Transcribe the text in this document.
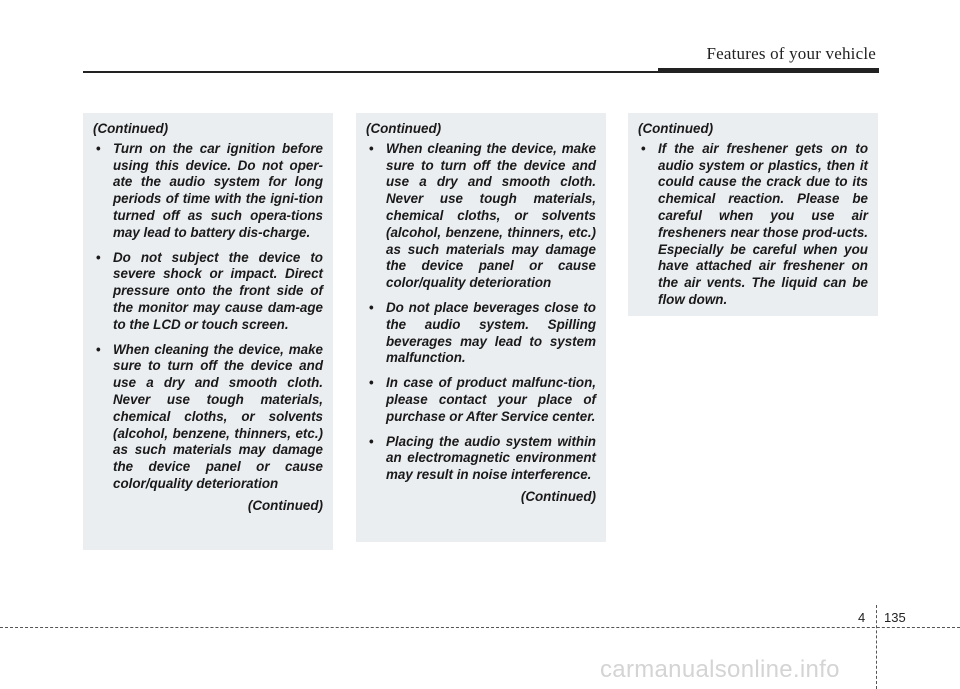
Features of your vehicle
(Continued)
• Turn on the car ignition before using this device. Do not oper-ate the audio system for long periods of time with the igni-tion turned off as such opera-tions may lead to battery dis-charge.
• Do not subject the device to severe shock or impact. Direct pressure onto the front side of the monitor may cause dam-age to the LCD or touch screen.
• When cleaning the device, make sure to turn off the device and use a dry and smooth cloth. Never use tough materials, chemical cloths, or solvents (alcohol, benzene, thinners, etc.) as such materials may damage the device panel or cause color/quality deterioration
(Continued)
(Continued)
• When cleaning the device, make sure to turn off the device and use a dry and smooth cloth. Never use tough materials, chemical cloths, or solvents (alcohol, benzene, thinners, etc.) as such materials may damage the device panel or cause color/quality deterioration
• Do not place beverages close to the audio system. Spilling beverages may lead to system malfunction.
• In case of product malfunc-tion, please contact your place of purchase or After Service center.
• Placing the audio system within an electromagnetic environment may result in noise interference.
(Continued)
(Continued)
• If the air freshener gets on to audio system or plastics, then it could cause the crack due to its chemical reaction. Please be careful when you use air fresheners near those prod-ucts. Especially be careful when you have attached air freshener on the air vents. The liquid can be flow down.
4 135
carmanualsonline.info
